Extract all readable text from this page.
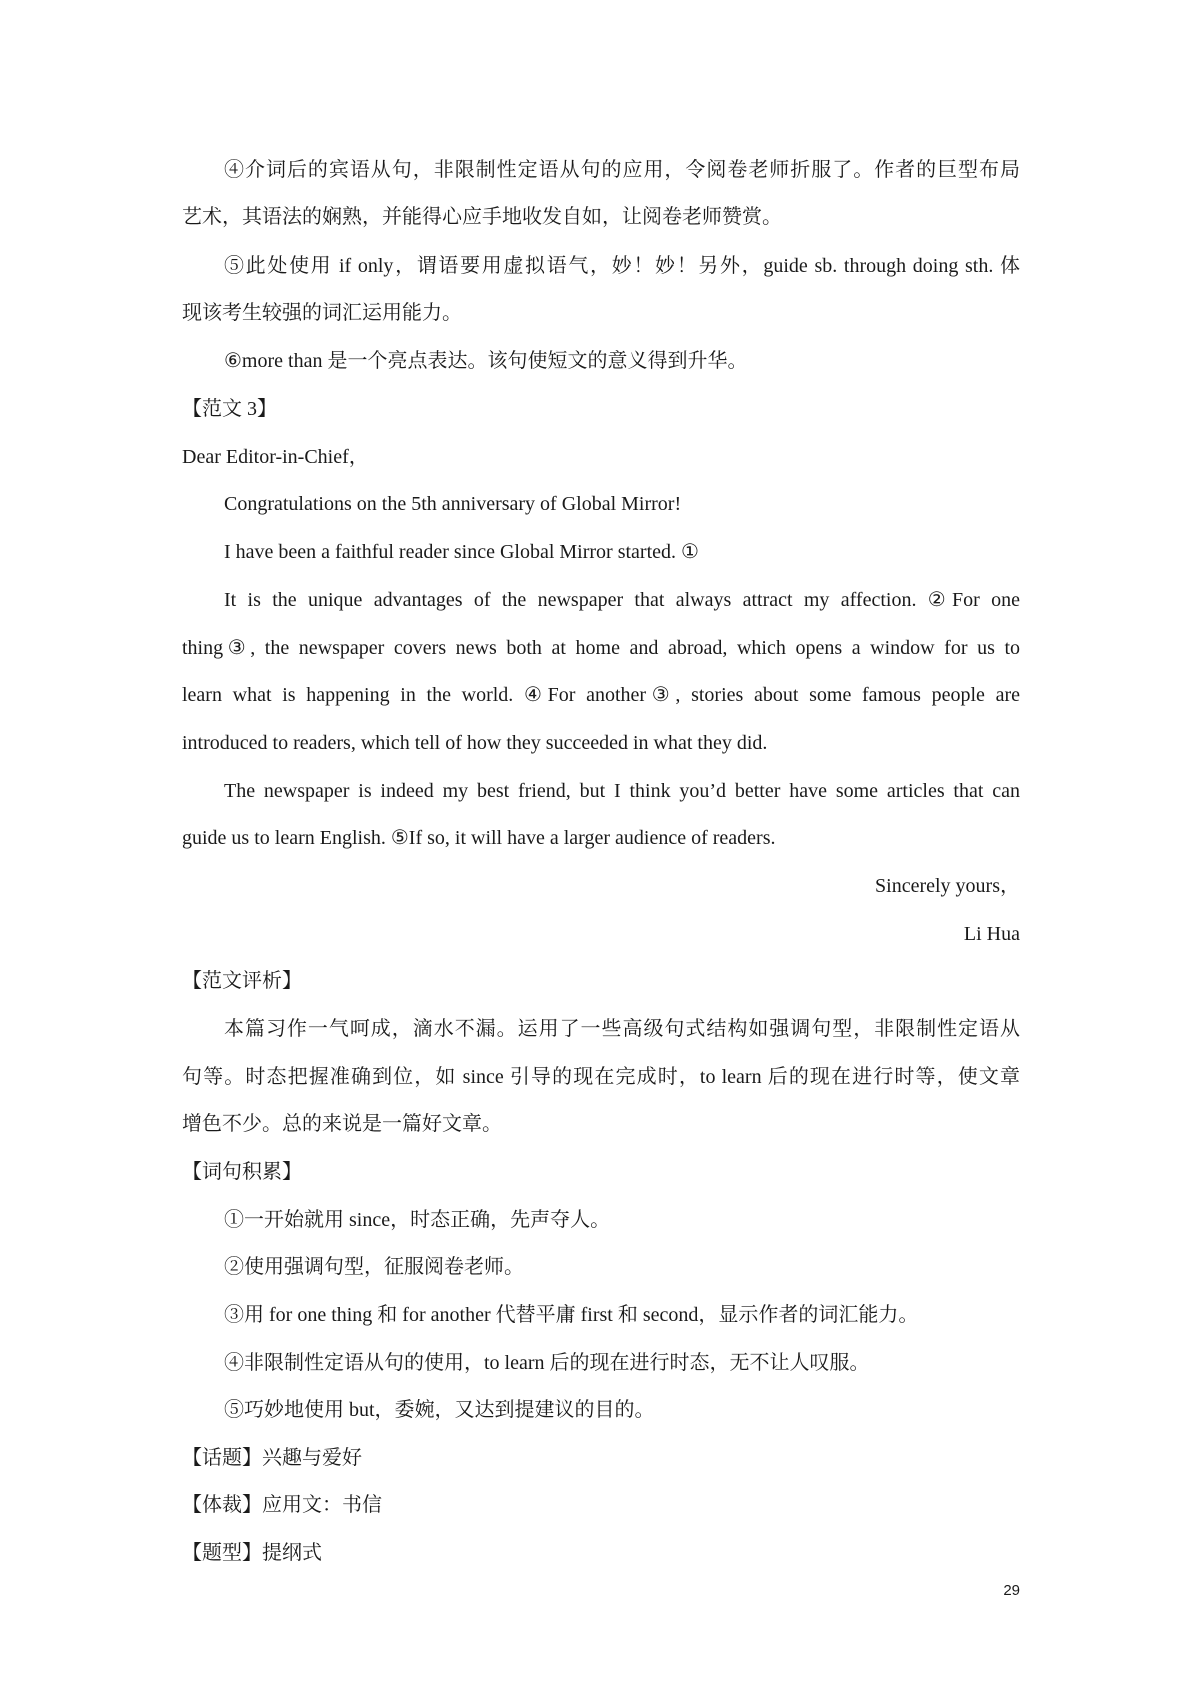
④介词后的宾语从句，非限制性定语从句的应用，令阅卷老师折服了。作者的巨型布局
艺术，其语法的娴熟，并能得心应手地收发自如，让阅卷老师赞赏。
⑤此处使用 if only，谓语要用虚拟语气，妙！妙！另外，guide sb. through doing sth. 体
现该考生较强的词汇运用能力。
⑥more than 是一个亮点表达。该句使短文的意义得到升华。
【范文 3】
Dear Editor-in-Chief，
Congratulations on the 5th anniversary of Global Mirror!
I have been a faithful reader since Global Mirror started. ①
It is the unique advantages of the newspaper that always attract my affection. ②For one
thing③, the newspaper covers news both at home and abroad, which opens a window for us to
learn what is happening in the world. ④For another③, stories about some famous people are
introduced to readers, which tell of how they succeeded in what they did.
The newspaper is indeed my best friend, but I think you’d better have some articles that can
guide us to learn English. ⑤If so, it will have a larger audience of readers.
Sincerely yours，
Li Hua
【范文评析】
本篇习作一气呵成，滴水不漏。运用了一些高级句式结构如强调句型，非限制性定语从
句等。时态把握准确到位，如 since 引导的现在完成时，to learn 后的现在进行时等，使文章
增色不少。总的来说是一篇好文章。
【词句积累】
①一开始就用 since，时态正确，先声夺人。
②使用强调句型，征服阅卷老师。
③用 for one thing 和 for another 代替平庸 first 和 second，显示作者的词汇能力。
④非限制性定语从句的使用，to learn 后的现在进行时态，无不让人叹服。
⑤巧妙地使用 but，委婉，又达到提建议的目的。
【话题】兴趣与爱好
【体裁】应用文：书信
【题型】提纲式
29
